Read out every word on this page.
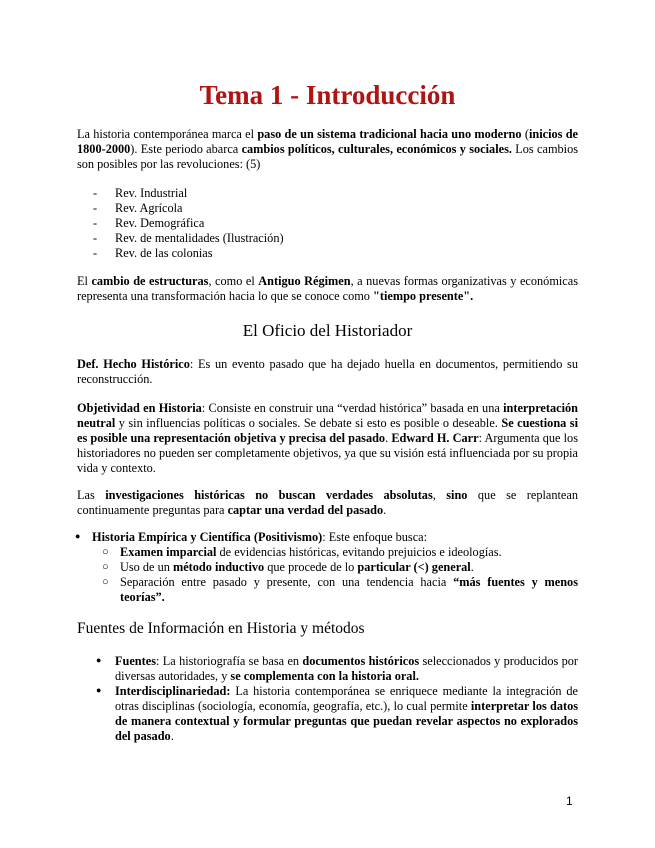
Tema 1 - Introducción

La historia contemporánea marca el paso de un sistema tradicional hacia uno moderno (inicios de 1800-2000). Este periodo abarca cambios políticos, culturales, económicos y sociales. Los cambios son posibles por las revoluciones: (5)

- Rev. Industrial
- Rev. Agrícola
- Rev. Demográfica
- Rev. de mentalidades (Ilustración)
- Rev. de las colonias

El cambio de estructuras, como el Antiguo Régimen, a nuevas formas organizativas y económicas representa una transformación hacia lo que se conoce como "tiempo presente".

El Oficio del Historiador

Def. Hecho Histórico: Es un evento pasado que ha dejado huella en documentos, permitiendo su reconstrucción.

Objetividad en Historia: Consiste en construir una “verdad histórica” basada en una interpretación neutral y sin influencias políticas o sociales. Se debate si esto es posible o deseable. Se cuestiona si es posible una representación objetiva y precisa del pasado. Edward H. Carr: Argumenta que los historiadores no pueden ser completamente objetivos, ya que su visión está influenciada por su propia vida y contexto.

Las investigaciones históricas no buscan verdades absolutas, sino que se replantean continuamente preguntas para captar una verdad del pasado.

● Historia Empírica y Científica (Positivismo): Este enfoque busca:

○ Examen imparcial de evidencias históricas, evitando prejuicios e ideologías.
○ Uso de un método inductivo que procede de lo particular (<) general.
○ Separación entre pasado y presente, con una tendencia hacia “más fuentes y menos teorías”.
Fuentes de Información en Historia y métodos
● Fuentes: La historiografía se basa en documentos históricos seleccionados y producidos por diversas autoridades, y se complementa con la historia oral.

● Interdisciplinariedad: La historia contemporánea se enriquece mediante la integración de otras disciplinas (sociología, economía, geografía, etc.), lo cual permite interpretar los datos de manera contextual y formular preguntas que puedan revelar aspectos no explorados del pasado.

1
